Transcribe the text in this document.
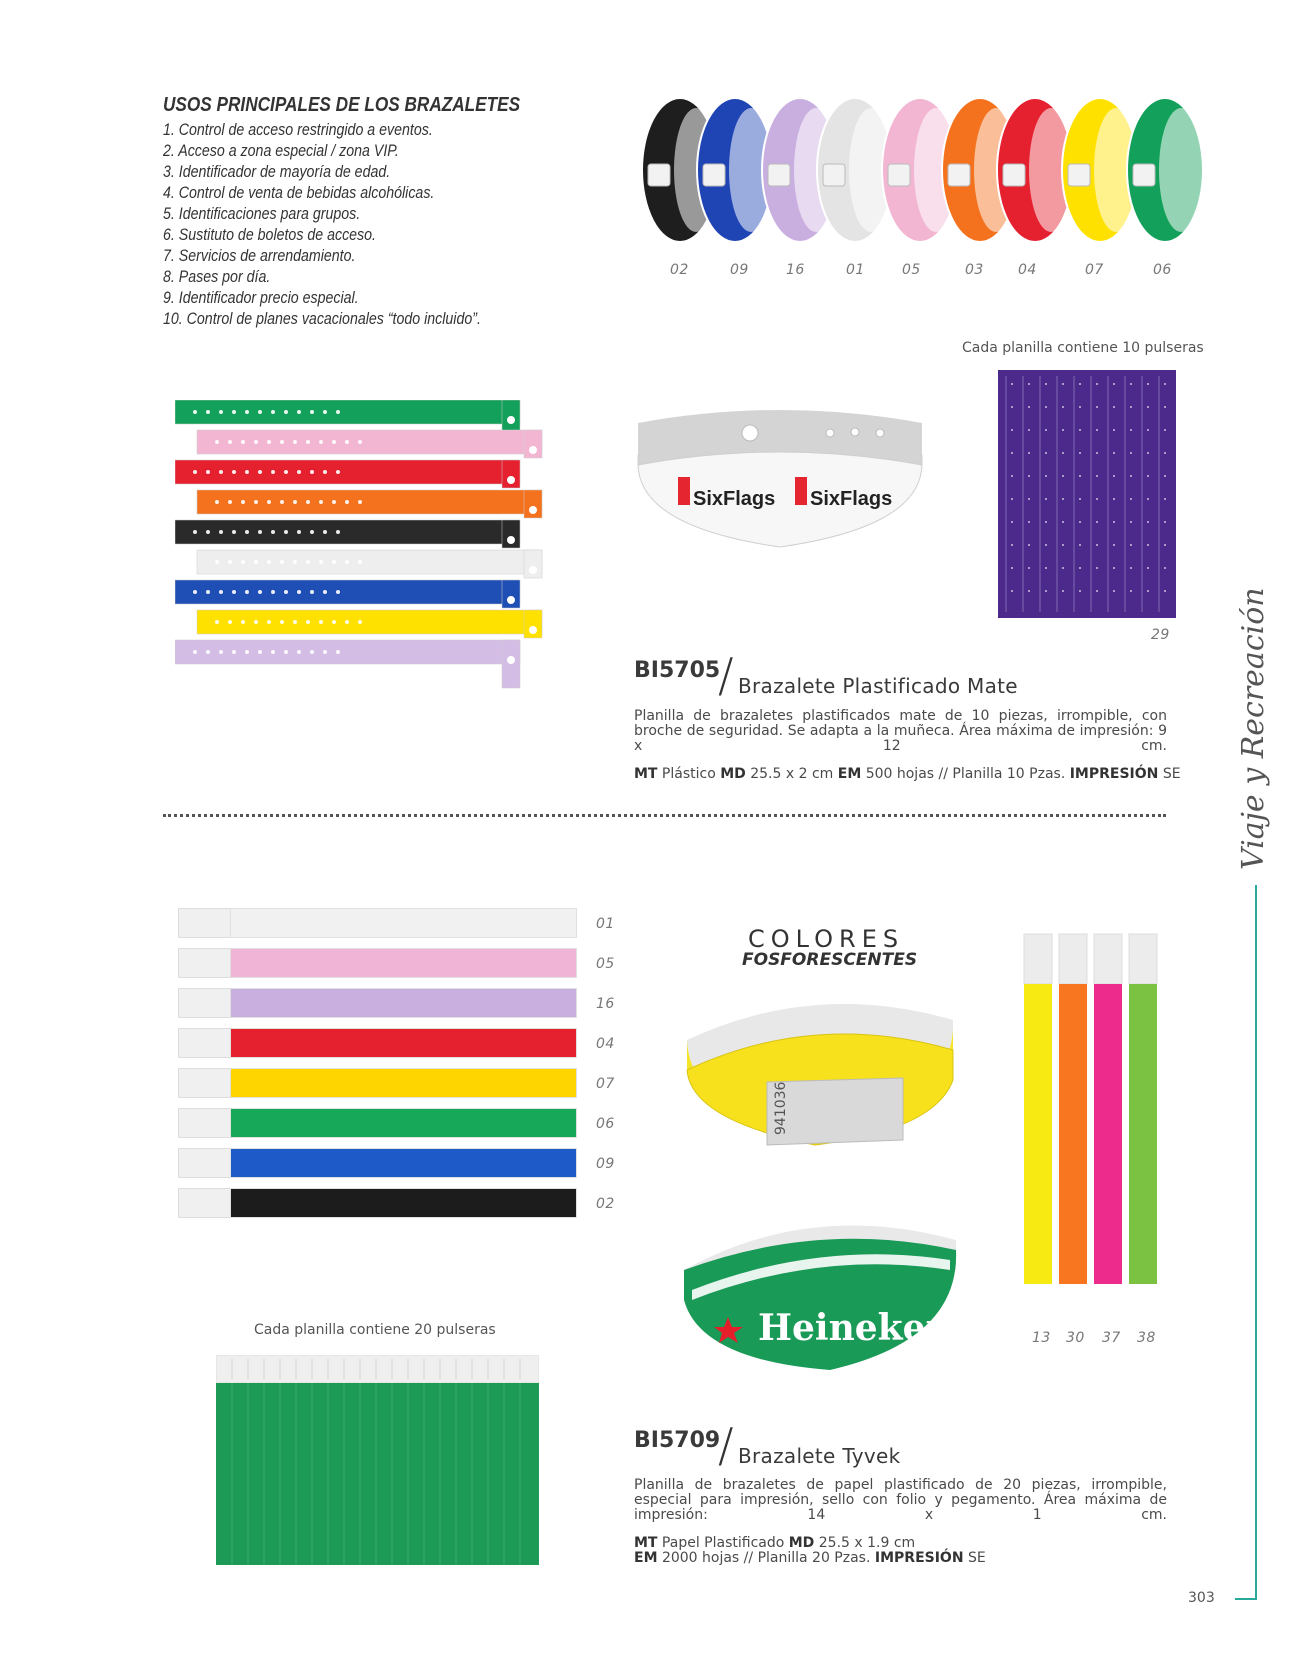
USOS PRINCIPALES DE LOS BRAZALETES
1. Control de acceso restringido a eventos.
2. Acceso a zona especial / zona VIP.
3. Identificador de mayoría de edad.
4. Control de venta de bebidas alcohólicas.
5. Identificaciones para grupos.
6. Sustituto de boletos de acceso.
7. Servicios de arrendamiento.
8. Pases por día.
9. Identificador precio especial.
10. Control de planes vacacionales “todo incluido”.
02	09	16	01	05	03 04	07	06
SixFlags SixFlags
Cada planilla contiene 10 pulseras
29
BI5705
/ Brazalete Plastificado Mate
Planilla de brazaletes plastificados mate de 10 piezas, irrompible, con broche de seguridad. Se adapta a la muñeca. Área máxima de impresión: 9 x 12 cm.
MT Plástico MD 25.5 x 2 cm EM 500 hojas // Planilla 10 Pzas. IMPRESIÓN SE
01
05
16
04
07
06
09
02
COLORES
FOSFORESCENTES
941036
Heineken	13 30 37 38
Cada planilla contiene 20 pulseras
BI5709
/ Brazalete Tyvek
Planilla de brazaletes de papel plastificado de 20 piezas, irrompible, especial para impresión, sello con folio y pegamento. Área máxima de impresión: 14 x 1 cm.
MT Papel Plastificado MD 25.5 x 1.9 cm
EM 2000 hojas // Planilla 20 Pzas. IMPRESIÓN SE
Viaje y Recreación
303
